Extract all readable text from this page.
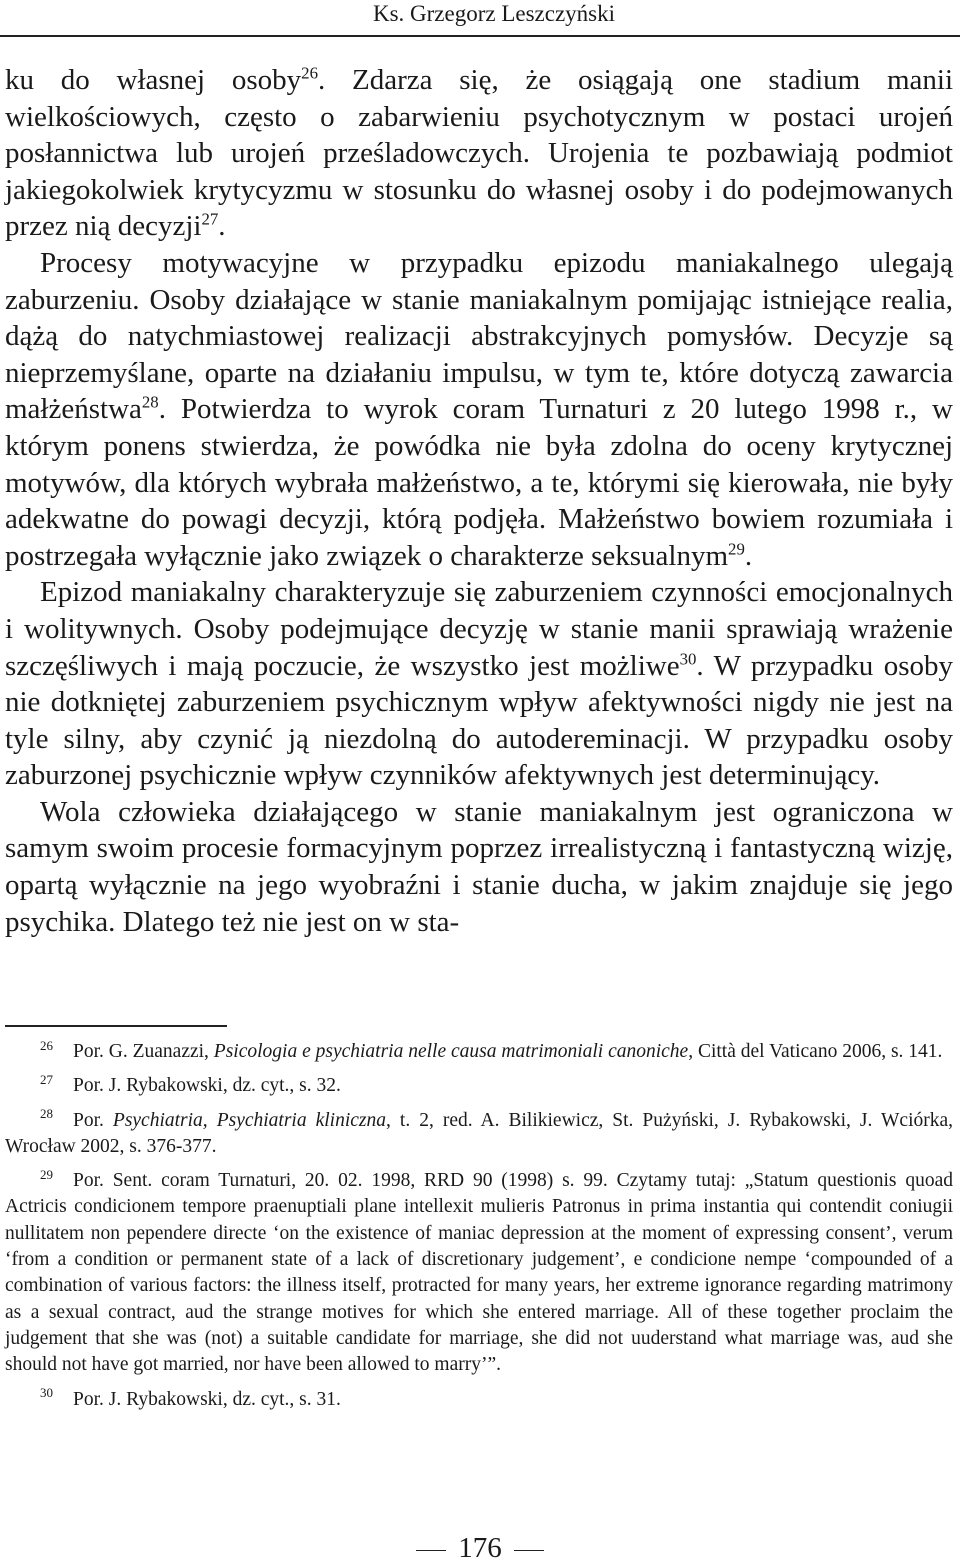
Ks. Grzegorz Leszczyński

ku do własnej osoby$^{26}$. Zdarza się, że osiągają one stadium manii wielkościowych, często o zabarwieniu psychotycznym w postaci urojeń posłannictwa lub urojeń prześladowczych. Urojenia te pozbawiają podmiot jakiegokolwiek krytycyzmu w stosunku do własnej osoby i do podejmowanych przez nią decyzji$^{27}$.

Procesy motywacyjne w przypadku epizodu maniakalnego ulegają zaburzeniu. Osoby działające w stanie maniakalnym pomijając istniejące realia, dążą do natychmiastowej realizacji abstrakcyjnych pomysłów. Decyzje są nieprzemyślane, oparte na działaniu impulsu, w tym te, które dotyczą zawarcia małżeństwa$^{28}$. Potwierdza to wyrok coram Turnaturi z 20 lutego 1998 r., w którym ponens stwierdza, że powódka nie była zdolna do oceny krytycznej motywów, dla których wybrała małżeństwo, a te, którymi się kierowała, nie były adekwatne do powagi decyzji, którą podjęła. Małżeństwo bowiem rozumiała i postrzegała wyłącznie jako związek o charakterze seksualnym$^{29}$.

Epizod maniakalny charakteryzuje się zaburzeniem czynności emocjonalnych i wolitywnych. Osoby podejmujące decyzję w stanie manii sprawiają wrażenie szczęśliwych i mają poczucie, że wszystko jest możliwe$^{30}$. W przypadku osoby nie dotkniętej zaburzeniem psychicznym wpływ afektywności nigdy nie jest na tyle silny, aby czynić ją niezdolną do autoderеminacji. W przypadku osoby zaburzonej psychicznie wpływ czynników afektywnych jest determinujący.

Wola człowieka działającego w stanie maniakalnym jest ograniczona w samym swoim procesie formacyjnym poprzez irrealistyczną i fantastyczną wizję, opartą wyłącznie na jego wyobraźni i stanie ducha, w jakim znajduje się jego psychika. Dlatego też nie jest on w sta-

$^{26}$ Por. G. Zuanazzi, Psicologia e psychiatria nelle causa matrimoniali canoniche, Città del Vaticano 2006, s. 141.

$^{27}$ Por. J. Rybakowski, dz. cyt., s. 32.

$^{28}$ Por. Psychiatria, Psychiatria kliniczna, t. 2, red. A. Bilikiewicz, St. Pużyński, J. Rybakowski, J. Wciórka, Wrocław 2002, s. 376-377.

$^{29}$ Por. Sent. coram Turnaturi, 20. 02. 1998, RRD 90 (1998) s. 99. Czytamy tutaj: „Statum questionis quoad Actricis condicionem tempore praenuptiali plane intellexit mulieris Patronus in prima instantia qui contendit coniugii nullitatem non pependere directe ‘on the existence of maniac depression at the moment of expressing consent’, verum ‘from a condition or permanent state of a lack of discretionary judgement’, e condicione nempe ‘compounded of a combination of various factors: the illness itself, protracted for many years, her extreme ignorance regarding matrimony as a sexual contract, aud the strange motives for which she entered marriage. All of these together proclaim the judgement that she was (not) a suitable candidate for marriage, she did not uuderstand what marriage was, aud she should not have got married, nor have been allowed to marry’”.

$^{30}$ Por. J. Rybakowski, dz. cyt., s. 31.

176
